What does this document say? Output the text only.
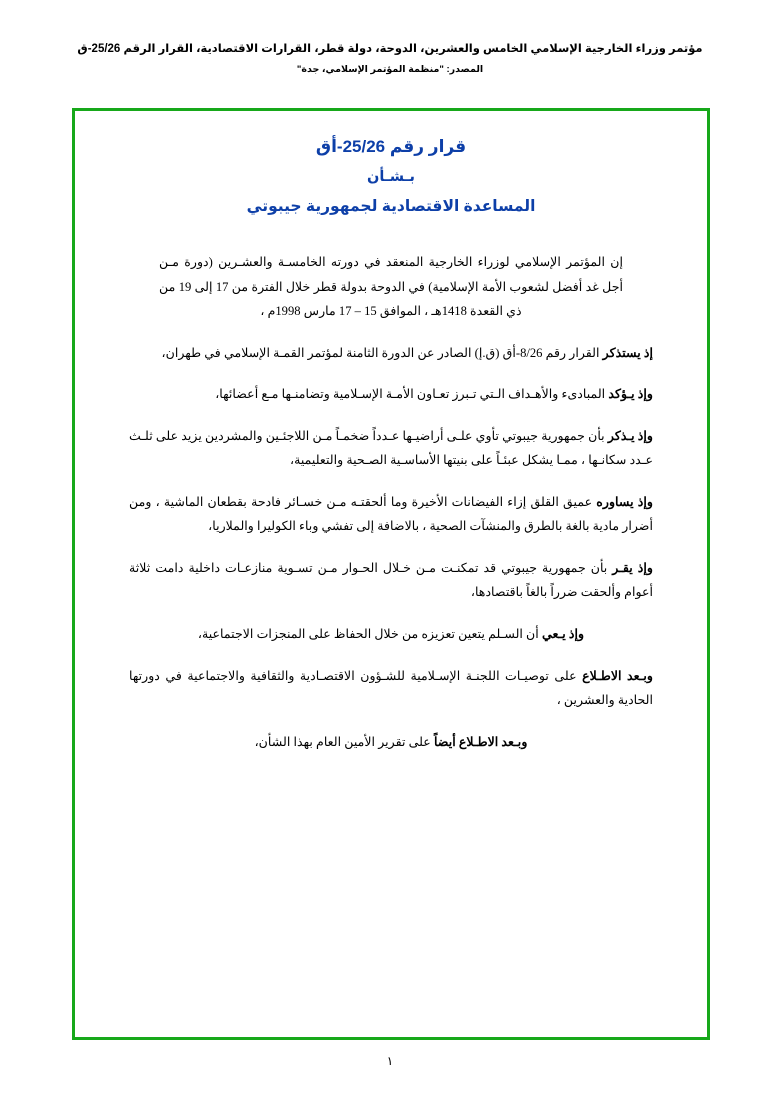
مؤتمر وزراء الخارجية الإسلامي الخامس والعشرين، الدوحة، دولة قطر، القرارات الاقتصادية، القرار الرقم 25/26-ق
المصدر: "منظمة المؤتمر الإسلامي، جدة"
قرار رقم 25/26-أق
بـشـأن
المساعدة الاقتصادية لجمهورية جيبوتي

إن المؤتمر الإسلامي لوزراء الخارجية المنعقد في دورته الخامسـة والعشـرين (دورة مـن أجل غد أفضل لشعوب الأمة الإسلامية) في الدوحة بدولة قطر خلال الفترة من 17 إلى 19 من ذي القعدة 1418هـ ، الموافق 15 – 17 مارس 1998م ،

إذ يستذكر القرار رقم 8/26-أق (ق.إ) الصادر عن الدورة الثامنة لمؤتمر القمـة الإسلامي في طهران،

وإذ يـؤكد المبادىء والأهـداف الـتي تـبرز تعـاون الأمـة الإسـلامية وتضامنـها مـع أعضائها،

وإذ يـذكر بأن جمهورية جيبوتي تأوي علـى أراضيـها عـدداً ضخمـاً مـن اللاجئـين والمشردين يزيد على ثلـث عـدد سكانـها ، ممـا يشكل عبئـاً على بنيتها الأساسـية الصـحية والتعليمية،

وإذ يساوره عميق القلق إزاء الفيضانات الأخيرة وما ألحقتـه مـن خسـائر فادحة بقطعان الماشية ، ومن أضرار مادية بالغة بالطرق والمنشآت الصحية ، بالاضافة إلى تفشي وباء الكوليرا والملاريا،

وإذ يقـر بأن جمهورية جيبوتي قد تمكنـت مـن خـلال الحـوار مـن تسـوية منازعـات داخلية دامت ثلاثة أعوام وألحقت ضرراً بالغاً باقتصادها،

وإذ يـعي أن السـلم يتعين تعزيزه من خلال الحفاظ على المنجزات الاجتماعية،

وبـعد الاطـلاع على توصيـات اللجنـة الإسـلامية للشـؤون الاقتصـادية والثقافية والاجتماعية في دورتها الحادية والعشرين ،

وبـعد الاطـلاع أيضاً على تقرير الأمين العام بهذا الشأن،

١
